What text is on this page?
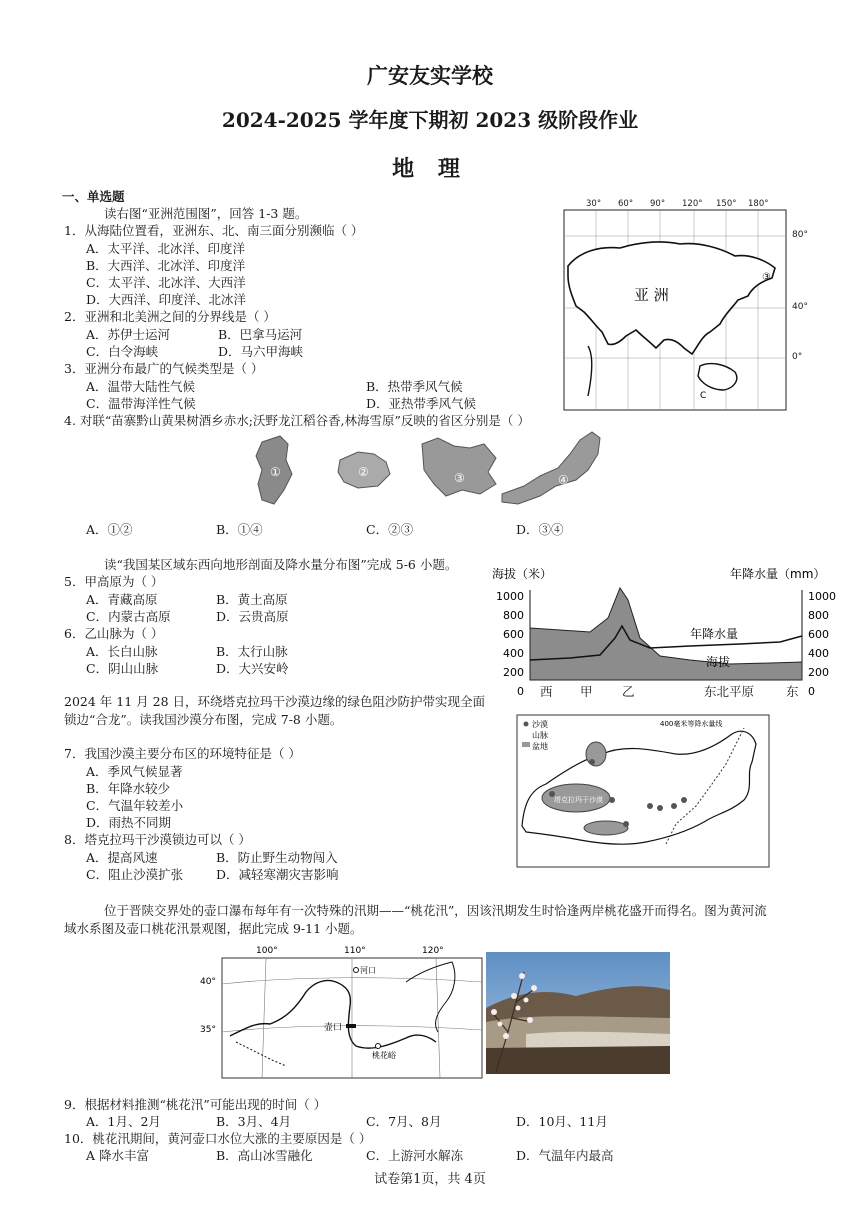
广安友实学校
2024-2025 学年度下期初 2023 级阶段作业
地 理
一、单选题
读右图“亚洲范围图”，回答 1-3 题。
1．从海陆位置看，亚洲东、北、南三面分别濒临（ ）
A．太平洋、北冰洋、印度洋
B．大西洋、北冰洋、印度洋
C．太平洋、北冰洋、大西洋
D．大西洋、印度洋、北冰洋
2．亚洲和北美洲之间的分界线是（ ）
A．苏伊士运河	B．巴拿马运河
C．白令海峡	D．马六甲海峡
3．亚洲分布最广的气候类型是（ ）
A．温带大陆性气候	B．热带季风气候
C．温带海洋性气候	D．亚热带季风气候
4. 对联“苗寨黔山黄果树酒乡赤水;沃野龙江稻谷香,林海雪原”反映的省区分别是（ ）
亚 洲
③
C
30° 60° 90° 120° 150° 180°
80°
40°
0°
①	②	③	④
A．①②	B．①④	C．②③	D．③④
读“我国某区域东西向地形剖面及降水量分布图”完成 5-6 小题。
5．甲高原为（ ）
A．青藏高原	B．黄土高原
C．内蒙古高原	D．云贵高原
6．乙山脉为（ ）
A．长白山脉	B．太行山脉
C．阴山山脉	D．大兴安岭
海拔（米）	年降水量（mm）
1000
800
600
400
200
0
1000
800
600
400
200
0
年降水量
海拔
西 甲 乙	东北平原	东
2024 年 11 月 28 日，环绕塔克拉玛干沙漠边缘的绿色阻沙防护带实现全面
锁边“合龙”。读我国沙漠分布图，完成 7-8 小题。
7．我国沙漠主要分布区的环境特征是（ ）
A．季风气候显著
B．年降水较少
C．气温年较差小
D．雨热不同期
8．塔克拉玛干沙漠锁边可以（ ）
A．提高风速	B．防止野生动物闯入
C．阻止沙漠扩张	D．减轻寒潮灾害影响
沙漠
山脉
盆地
400毫米等降水量线
塔克拉玛干沙漠
位于晋陕交界处的壶口瀑布每年有一次特殊的汛期——“桃花汛”，因该汛期发生时恰逢两岸桃花盛开而得名。图为黄河流
域水系图及壶口桃花汛景观图，据此完成 9-11 小题。
100°	110°	120°
40°
35°
河口
壶口
桃花峪
9．根据材料推测“桃花汛”可能出现的时间（ ）
A．1月、2月	B．3月、4月	C．7月、8月	D．10月、11月
10．桃花汛期间，黄河壶口水位大涨的主要原因是（ ）
A 降水丰富	B．高山冰雪融化	C．上游河水解冻	D．气温年内最高
试卷第1页，共 4页
